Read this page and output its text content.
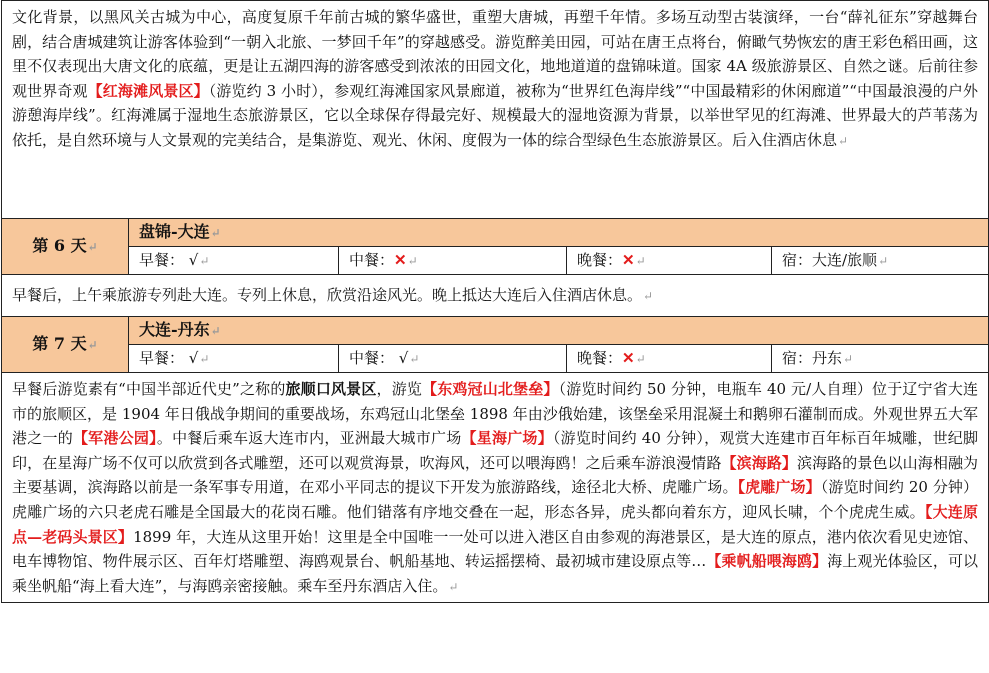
文化背景，以黑风关古城为中心，高度复原千年前古城的繁华盛世，重塑大唐城，再塑千年情。多场互动型古装演绎，一台“薛礼征东”穿越舞台剧，结合唐城建筑让游客体验到“一朝入北旅、一梦回千年”的穿越感受。游览醉美田园，可站在唐王点将台，俯瞰气势恢宏的唐王彩色稻田画，这里不仅表现出大唐文化的底蕴，更是让五湖四海的游客感受到浓浓的田园文化，地地道道的盘锦味道。国家 4A 级旅游景区、自然之谜。后前往参观世界奇观【红海滩风景区】（游览约 3 小时），参观红海滩国家风景廊道，被称为“世界红色海岸线”“中国最精彩的休闲廊道”“中国最浪漫的户外游憩海岸线”。红海滩属于湿地生态旅游景区，它以全球保存得最完好、规模最大的湿地资源为背景，以举世罕见的红海滩、世界最大的芦苇荡为依托，是自然环境与人文景观的完美结合，是集游览、观光、休闲、度假为一体的综合型绿色生态旅游景区。后入住酒店休息↵				
第 6 天↵	盘锦-大连↵			
	早餐： √↵	中餐：✕↵	晚餐：✕↵	宿：大连/旅顺↵
早餐后，上午乘旅游专列赴大连。专列上休息，欣赏沿途风光。晚上抵达大连后入住酒店休息。↵				
第 7 天↵	大连-丹东↵			
	早餐： √↵	中餐： √↵	晚餐：✕↵	宿：丹东↵
早餐后游览素有“中国半部近代史”之称的旅顺口风景区，游览【东鸡冠山北堡垒】（游览时间约 50 分钟，电瓶车 40 元/人自理）位于辽宁省大连市的旅顺区，是 1904 年日俄战争期间的重要战场，东鸡冠山北堡垒 1898 年由沙俄始建，该堡垒采用混凝土和鹅卵石灌制而成。外观世界五大军港之一的【军港公园】。中餐后乘车返大连市内，亚洲最大城市广场【星海广场】（游览时间约 40 分钟），观赏大连建市百年标百年城雕，世纪脚印，在星海广场不仅可以欣赏到各式雕塑，还可以观赏海景，吹海风，还可以喂海鸥！之后乘车游浪漫情路【滨海路】滨海路的景色以山海相融为主要基调，滨海路以前是一条军事专用道，在邓小平同志的提议下开发为旅游路线，途径北大桥、虎雕广场。【虎雕广场】（游览时间约 20 分钟）虎雕广场的六只老虎石雕是全国最大的花岗石雕。他们错落有序地交叠在一起，形态各异，虎头都向着东方，迎风长啸，个个虎虎生威。【大连原点—老码头景区】1899 年，大连从这里开始！这里是全中国唯一一处可以进入港区自由参观的海港景区，是大连的原点，港内依次看见史迹馆、电车博物馆、物件展示区、百年灯塔雕塑、海鸥观景台、帆船基地、转运摇摆椅、最初城市建设原点等…【乘帆船喂海鸥】海上观光体验区，可以乘坐帆船“海上看大连”，与海鸥亲密接触。乘车至丹东酒店入住。↵				
